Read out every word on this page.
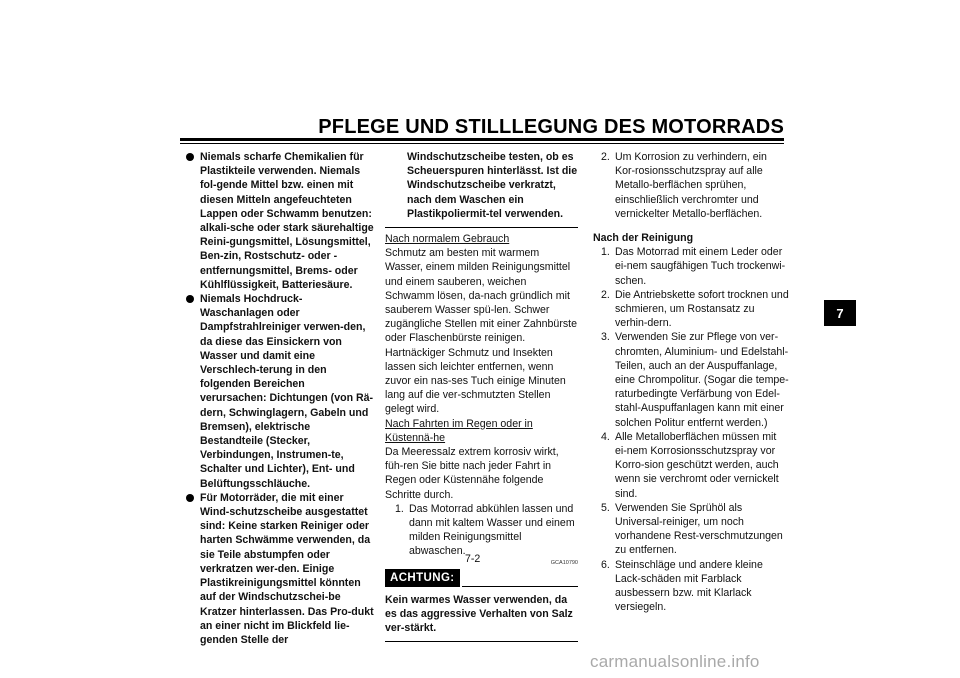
PFLEGE UND STILLLEGUNG DES MOTORRADS
Niemals scharfe Chemikalien für Plastikteile verwenden. Niemals fol-gende Mittel bzw. einen mit diesen Mitteln angefeuchteten Lappen oder Schwamm benutzen: alkali-sche oder stark säurehaltige Reini-gungsmittel, Lösungsmittel, Ben-zin, Rostschutz- oder -entfernungsmittel, Brems- oder Kühlflüssigkeit, Batteriesäure.
Niemals Hochdruck-Waschanlagen oder Dampfstrahlreiniger verwen-den, da diese das Einsickern von Wasser und damit eine Verschlech-terung in den folgenden Bereichen verursachen: Dichtungen (von Rä-dern, Schwinglagern, Gabeln und Bremsen), elektrische Bestandteile (Stecker, Verbindungen, Instrumen-te, Schalter und Lichter), Ent- und Belüftungsschläuche.
Für Motorräder, die mit einer Wind-schutzscheibe ausgestattet sind: Keine starken Reiniger oder harten Schwämme verwenden, da sie Teile abstumpfen oder verkratzen wer-den. Einige Plastikreinigungsmittel könnten auf der Windschutzschei-be Kratzer hinterlassen. Das Pro-dukt an einer nicht im Blickfeld lie-genden Stelle der

Windschutzscheibe testen, ob es Scheuerspuren hinterlässt. Ist die Windschutzscheibe verkratzt, nach dem Waschen ein Plastikpoliermit-tel verwenden.

Nach normalem Gebrauch

Schmutz am besten mit warmem Wasser, einem milden Reinigungsmittel und einem sauberen, weichen Schwamm lösen, da-nach gründlich mit sauberem Wasser spü-len. Schwer zugängliche Stellen mit einer Zahnbürste oder Flaschenbürste reinigen. Hartnäckiger Schmutz und Insekten lassen sich leichter entfernen, wenn zuvor ein nas-ses Tuch einige Minuten lang auf die ver-schmutzten Stellen gelegt wird.

Nach Fahrten im Regen oder in Küstennä-he

Da Meeressalz extrem korrosiv wirkt, füh-ren Sie bitte nach jeder Fahrt in Regen oder Küstennähe folgende Schritte durch.

1. Das Motorrad abkühlen lassen und dann mit kaltem Wasser und einem milden Reinigungsmittel abwaschen.
GCA10790
ACHTUNG:

Kein warmes Wasser verwenden, da es das aggressive Verhalten von Salz ver-stärkt.

2. Um Korrosion zu verhindern, ein Kor-rosionsschutzspray auf alle Metallo-berflächen sprühen, einschließlich verchromter und vernickelter Metallo-berflächen.

Nach der Reinigung

1. Das Motorrad mit einem Leder oder ei-nem saugfähigen Tuch trockenwi-schen.
2. Die Antriebskette sofort trocknen und schmieren, um Rostansatz zu verhin-dern.
3. Verwenden Sie zur Pflege von ver-chromten, Aluminium- und Edelstahl-Teilen, auch an der Auspuffanlage, eine Chrompolitur. (Sogar die tempe-raturbedingte Verfärbung von Edel-stahl-Auspuffanlagen kann mit einer solchen Politur entfernt werden.)
4. Alle Metalloberflächen müssen mit ei-nem Korrosionsschutzspray vor Korro-sion geschützt werden, auch wenn sie verchromt oder vernickelt sind.
5. Verwenden Sie Sprühöl als Universal-reiniger, um noch vorhandene Rest-verschmutzungen zu entfernen.
6. Steinschläge und andere kleine Lack-schäden mit Farblack ausbessern bzw. mit Klarlack versiegeln.
7
7-2
carmanualsonline.info
